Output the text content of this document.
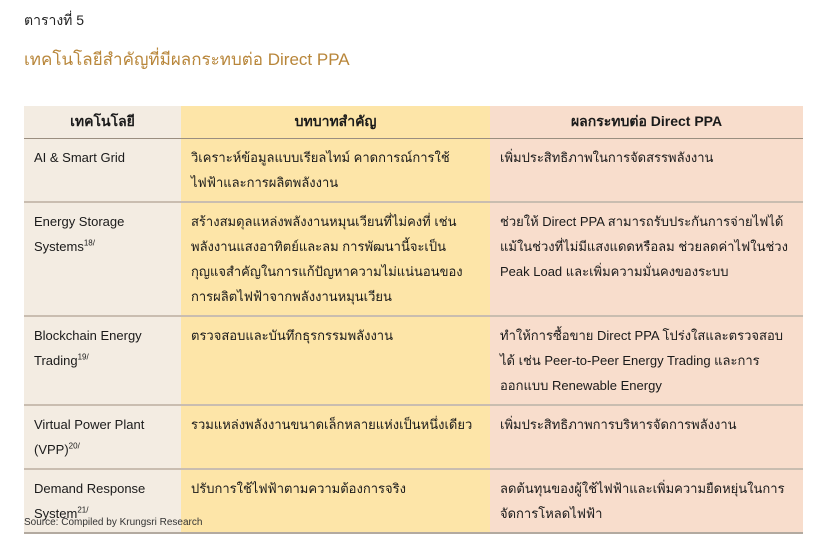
ตารางที่ 5
เทคโนโลยีสำคัญที่มีผลกระทบต่อ Direct PPA
เทคโนโลยี	บทบาทสำคัญ	ผลกระทบต่อ Direct PPA
AI & Smart Grid	วิเคราะห์ข้อมูลแบบเรียลไทม์ คาดการณ์การใช้ไฟฟ้าและการผลิตพลังงาน	เพิ่มประสิทธิภาพในการจัดสรรพลังงาน
Energy Storage Systems$^{18/}$	สร้างสมดุลแหล่งพลังงานหมุนเวียนที่ไม่คงที่ เช่น พลังงานแสงอาทิตย์และลม การพัฒนานี้จะเป็นกุญแจสำคัญในการแก้ปัญหาความไม่แน่นอนของการผลิตไฟฟ้าจากพลังงานหมุนเวียน	ช่วยให้ Direct PPA สามารถรับประกันการจ่ายไฟได้แม้ในช่วงที่ไม่มีแสงแดดหรือลม ช่วยลดค่าไฟในช่วง Peak Load และเพิ่มความมั่นคงของระบบ
Blockchain Energy Trading$^{19/}$	ตรวจสอบและบันทึกธุรกรรมพลังงาน	ทำให้การซื้อขาย Direct PPA โปร่งใสและตรวจสอบได้ เช่น Peer-to-Peer Energy Trading และการออกแบบ Renewable Energy
Virtual Power Plant (VPP)$^{20/}$	รวมแหล่งพลังงานขนาดเล็กหลายแห่งเป็นหนึ่งเดียว	เพิ่มประสิทธิภาพการบริหารจัดการพลังงาน
Demand Response System$^{21/}$	ปรับการใช้ไฟฟ้าตามความต้องการจริง	ลดต้นทุนของผู้ใช้ไฟฟ้าและเพิ่มความยืดหยุ่นในการจัดการโหลดไฟฟ้า
Source: Compiled by Krungsri Research
